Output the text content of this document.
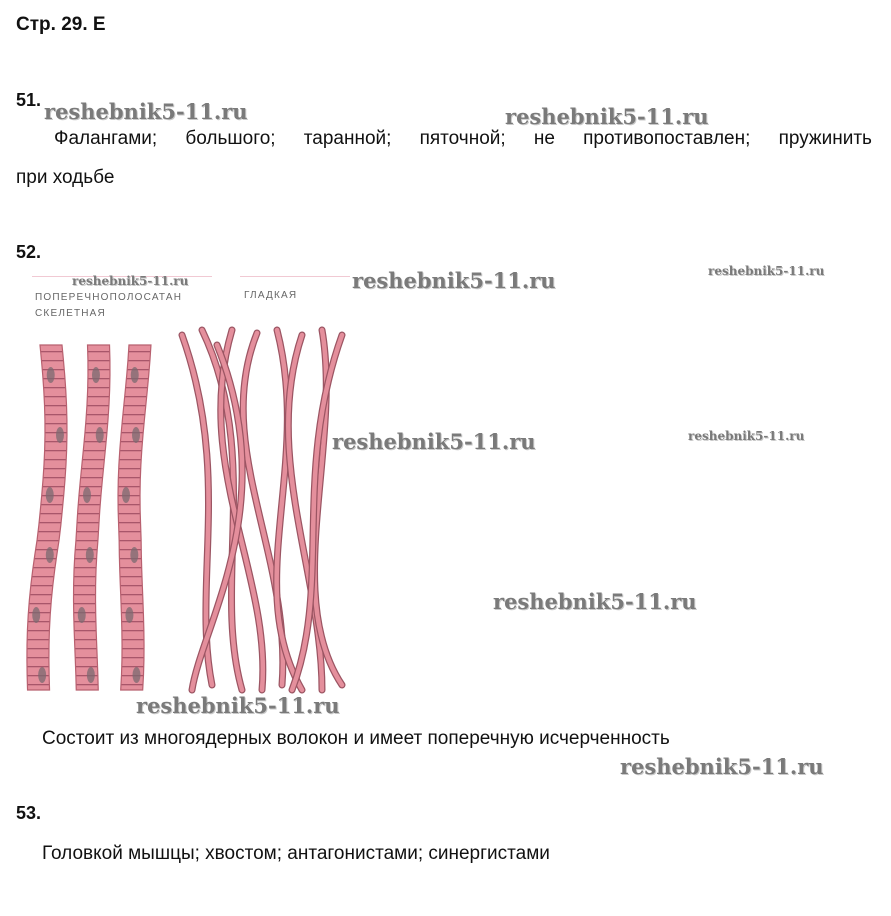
Стр. 29. Е
51.
Фалангами; большого; таранной; пяточной; не противопоставлен; пружинить
при ходьбе
52.
ПОПЕРЕЧНОПОЛОСАТАН
СКЕЛЕТНАЯ
ГЛАДКАЯ
Состоит из многоядерных волокон и имеет поперечную исчерченность
53.
Головкой мышцы; хвостом; антагонистами; синергистами
reshebnik5-11.ru	reshebnik5-11.ru
reshebnik5-11.ru	reshebnik5-11.ru	reshebnik5-11.ru
reshebnik5-11.ru	reshebnik5-11.ru
reshebnik5-11.ru
reshebnik5-11.ru
reshebnik5-11.ru
